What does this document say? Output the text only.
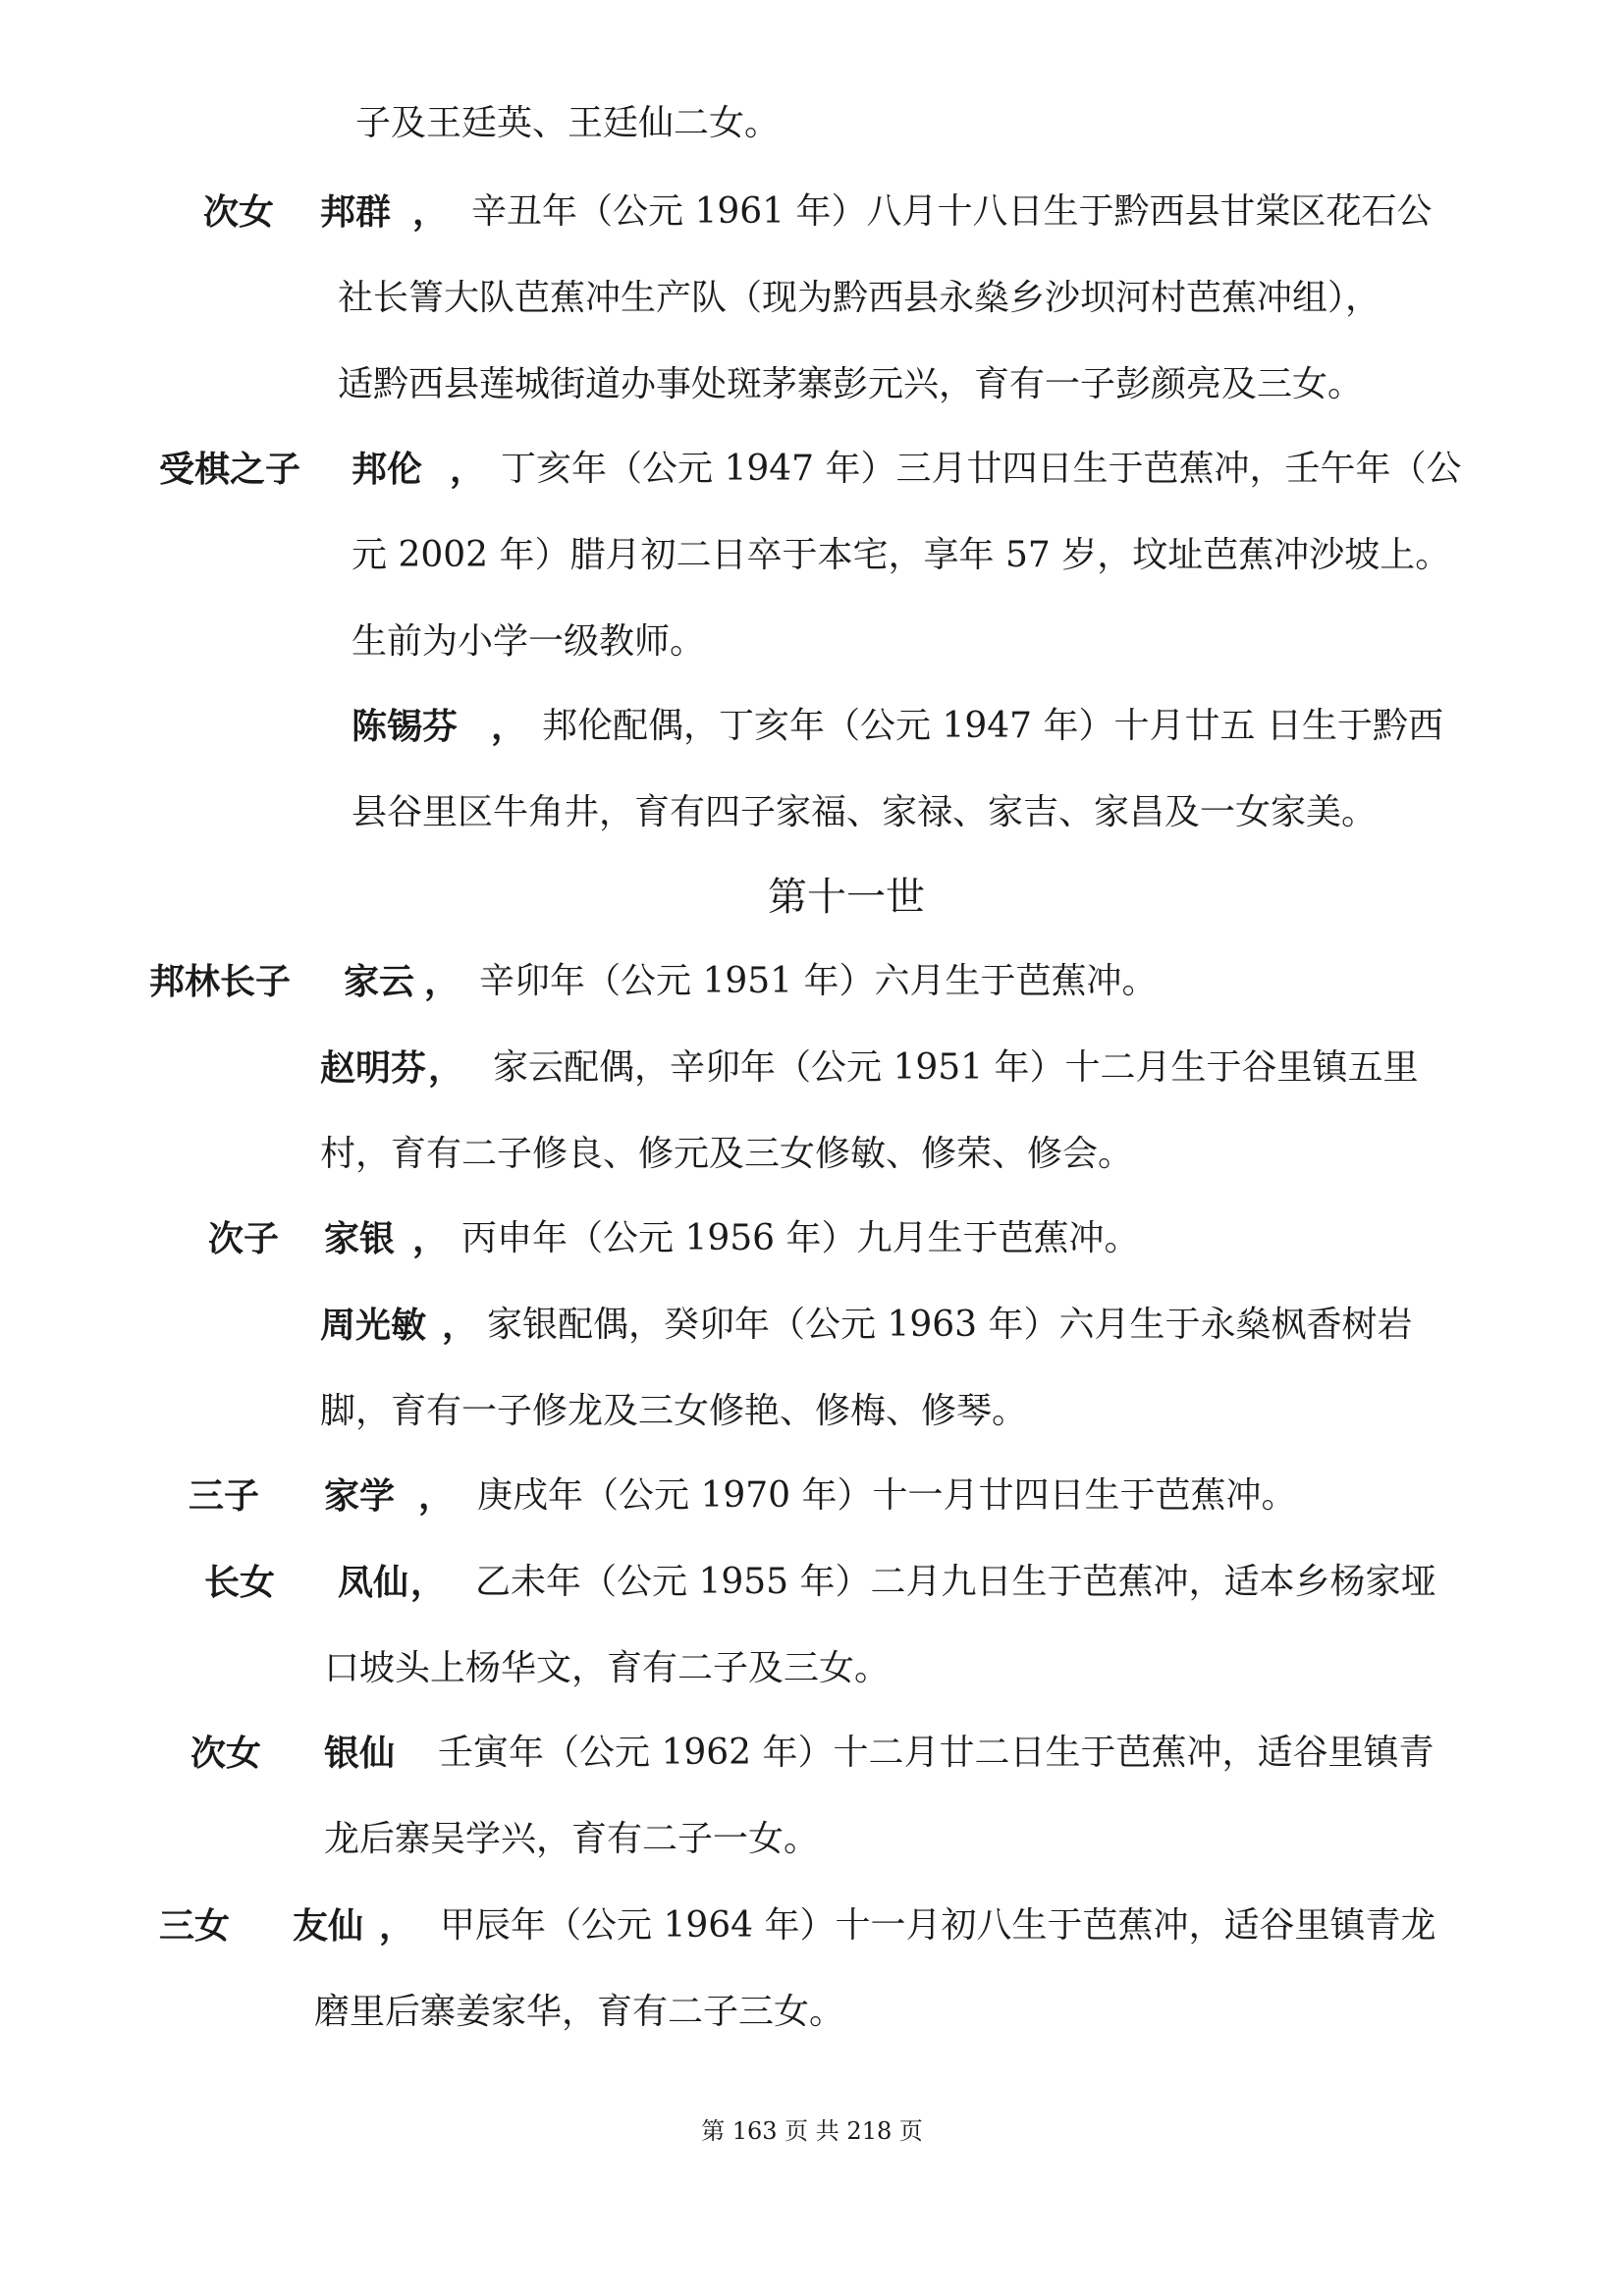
子及王廷英、王廷仙二女。
次女 邦群 ， 辛丑年（公元 1961 年）八月十八日生于黔西县甘棠区花石公
社长箐大队芭蕉冲生产队（现为黔西县永燊乡沙坝河村芭蕉冲组），
适黔西县莲城街道办事处斑茅寨彭元兴，育有一子彭颜亮及三女。
受棋之子 邦伦 ， 丁亥年（公元 1947 年）三月廿四日生于芭蕉冲，壬午年（公
元 2002 年）腊月初二日卒于本宅，享年 57 岁，坟址芭蕉冲沙坡上。
生前为小学一级教师。
陈锡芬 ， 邦伦配偶，丁亥年（公元 1947 年）十月廿五 日生于黔西
县谷里区牛角井，育有四子家福、家禄、家吉、家昌及一女家美。
第十一世
邦林长子 家云 ， 辛卯年（公元 1951 年）六月生于芭蕉冲。
赵明芬 ， 家云配偶，辛卯年（公元 1951 年）十二月生于谷里镇五里
村，育有二子修良、修元及三女修敏、修荣、修会。
次子 家银 ， 丙申年（公元 1956 年）九月生于芭蕉冲。
周光敏 ， 家银配偶，癸卯年（公元 1963 年）六月生于永燊枫香树岩
脚，育有一子修龙及三女修艳、修梅、修琴。
三子 家学 ， 庚戌年（公元 1970 年）十一月廿四日生于芭蕉冲。
长女 凤仙 ， 乙未年（公元 1955 年）二月九日生于芭蕉冲，适本乡杨家垭
口坡头上杨华文，育有二子及三女。
次女 银仙 壬寅年（公元 1962 年）十二月廿二日生于芭蕉冲，适谷里镇青
龙后寨吴学兴，育有二子一女。
三女 友仙 ， 甲辰年（公元 1964 年）十一月初八生于芭蕉冲，适谷里镇青龙
磨里后寨姜家华，育有二子三女。
第 163 页 共 218 页
